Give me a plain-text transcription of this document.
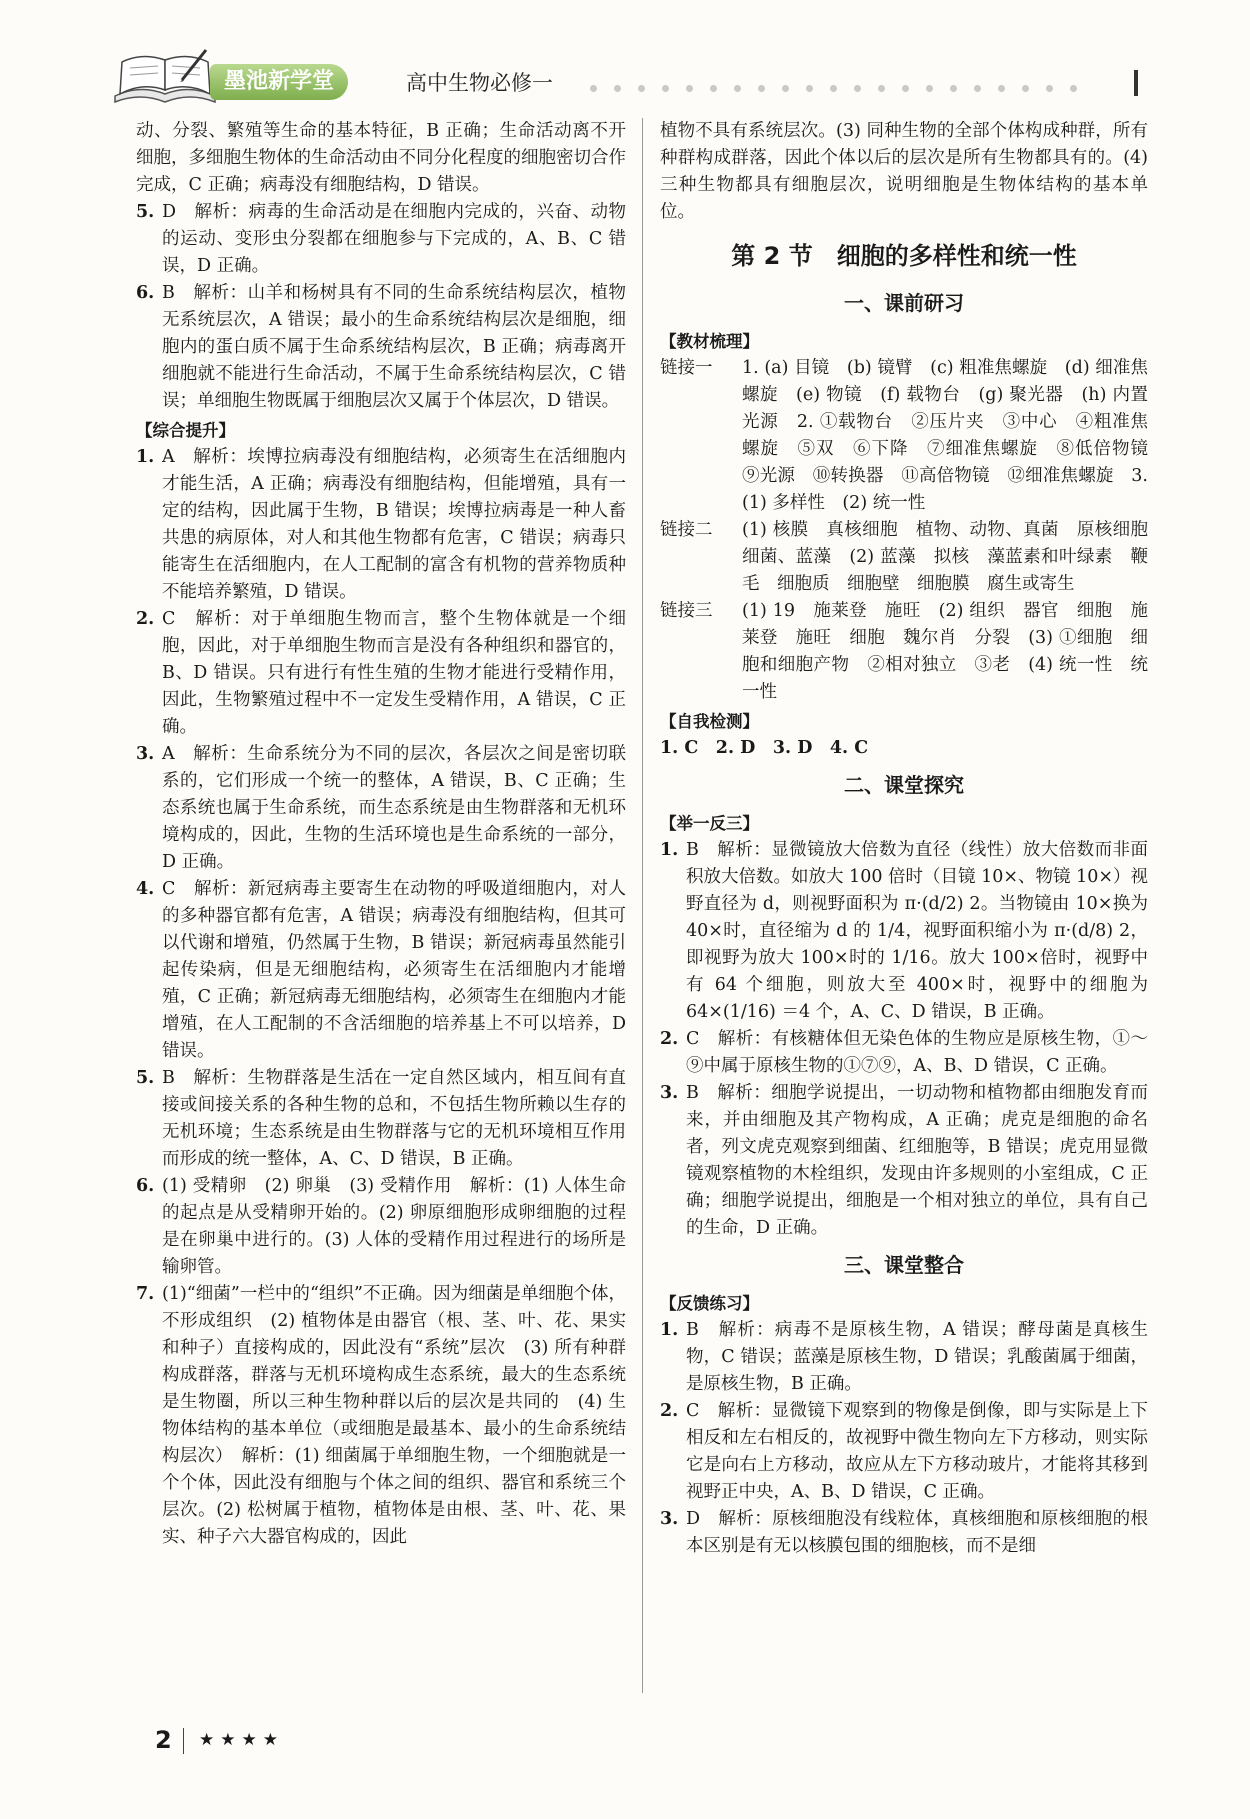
墨池新学堂	高中生物必修一

动、分裂、繁殖等生命的基本特征，B 正确；生命活动离不开细胞，多细胞生物体的生命活动由不同分化程度的细胞密切合作完成，C 正确；病毒没有细胞结构，D 错误。

5. D　解析：病毒的生命活动是在细胞内完成的，兴奋、动物的运动、变形虫分裂都在细胞参与下完成的，A、B、C 错误，D 正确。
6. B　解析：山羊和杨树具有不同的生命系统结构层次，植物无系统层次，A 错误；最小的生命系统结构层次是细胞，细胞内的蛋白质不属于生命系统结构层次，B 正确；病毒离开细胞就不能进行生命活动，不属于生命系统结构层次，C 错误；单细胞生物既属于细胞层次又属于个体层次，D 错误。

【综合提升】

1. A　解析：埃博拉病毒没有细胞结构，必须寄生在活细胞内才能生活，A 正确；病毒没有细胞结构，但能增殖，具有一定的结构，因此属于生物，B 错误；埃博拉病毒是一种人畜共患的病原体，对人和其他生物都有危害，C 错误；病毒只能寄生在活细胞内，在人工配制的富含有机物的营养物质种不能培养繁殖，D 错误。
2. C　解析：对于单细胞生物而言，整个生物体就是一个细胞，因此，对于单细胞生物而言是没有各种组织和器官的，B、D 错误。只有进行有性生殖的生物才能进行受精作用，因此，生物繁殖过程中不一定发生受精作用，A 错误，C 正确。
3. A　解析：生命系统分为不同的层次，各层次之间是密切联系的，它们形成一个统一的整体，A 错误，B、C 正确；生态系统也属于生命系统，而生态系统是由生物群落和无机环境构成的，因此，生物的生活环境也是生命系统的一部分，D 正确。
4. C　解析：新冠病毒主要寄生在动物的呼吸道细胞内，对人的多种器官都有危害，A 错误；病毒没有细胞结构，但其可以代谢和增殖，仍然属于生物，B 错误；新冠病毒虽然能引起传染病，但是无细胞结构，必须寄生在活细胞内才能增殖，C 正确；新冠病毒无细胞结构，必须寄生在细胞内才能增殖，在人工配制的不含活细胞的培养基上不可以培养，D 错误。
5. B　解析：生物群落是生活在一定自然区域内，相互间有直接或间接关系的各种生物的总和，不包括生物所赖以生存的无机环境；生态系统是由生物群落与它的无机环境相互作用而形成的统一整体，A、C、D 错误，B 正确。
6. (1) 受精卵　(2) 卵巢　(3) 受精作用　解析：(1) 人体生命的起点是从受精卵开始的。(2) 卵原细胞形成卵细胞的过程是在卵巢中进行的。(3) 人体的受精作用过程进行的场所是输卵管。
7. (1)“细菌”一栏中的“组织”不正确。因为细菌是单细胞个体，不形成组织　(2) 植物体是由器官（根、茎、叶、花、果实和种子）直接构成的，因此没有“系统”层次　(3) 所有种群构成群落，群落与无机环境构成生态系统，最大的生态系统是生物圈，所以三种生物种群以后的层次是共同的　(4) 生物体结构的基本单位（或细胞是最基本、最小的生命系统结构层次）　解析：(1) 细菌属于单细胞生物，一个细胞就是一个个体，因此没有细胞与个体之间的组织、器官和系统三个层次。(2) 松树属于植物，植物体是由根、茎、叶、花、果实、种子六大器官构成的，因此

植物不具有系统层次。(3) 同种生物的全部个体构成种群，所有种群构成群落，因此个体以后的层次是所有生物都具有的。(4) 三种生物都具有细胞层次，说明细胞是生物体结构的基本单位。

第 2 节　细胞的多样性和统一性
一、课前研习

【教材梳理】

链接一 1. (a) 目镜　(b) 镜臂　(c) 粗准焦螺旋　(d) 细准焦螺旋　(e) 物镜　(f) 载物台　(g) 聚光器　(h) 内置光源　2. ①载物台　②压片夹　③中心　④粗准焦螺旋　⑤双　⑥下降　⑦细准焦螺旋　⑧低倍物镜　⑨光源　⑩转换器　⑪高倍物镜　⑫细准焦螺旋　3. (1) 多样性　(2) 统一性
链接二 (1) 核膜　真核细胞　植物、动物、真菌　原核细胞　细菌、蓝藻　(2) 蓝藻　拟核　藻蓝素和叶绿素　鞭毛　细胞质　细胞壁　细胞膜　腐生或寄生
链接三 (1) 19　施莱登　施旺　(2) 组织　器官　细胞　施莱登　施旺　细胞　魏尔肖　分裂　(3) ①细胞　细胞和细胞产物　②相对独立　③老　(4) 统一性　统一性

【自我检测】

1. C　2. D　3. D　4. C

二、课堂探究

【举一反三】

1. B　解析：显微镜放大倍数为直径（线性）放大倍数而非面积放大倍数。如放大 100 倍时（目镜 10×、物镜 10×）视野直径为 d，则视野面积为 π·(d/2) 2。当物镜由 10×换为 40×时，直径缩为 d 的 1/4，视野面积缩小为 π·(d/8) 2，即视野为放大 100×时的 1/16。放大 100×倍时，视野中有 64 个细胞，则放大至 400×时，视野中的细胞为 64×(1/16) ＝4 个，A、C、D 错误，B 正确。
2. C　解析：有核糖体但无染色体的生物应是原核生物，①～⑨中属于原核生物的①⑦⑨，A、B、D 错误，C 正确。
3. B　解析：细胞学说提出，一切动物和植物都由细胞发育而来，并由细胞及其产物构成，A 正确；虎克是细胞的命名者，列文虎克观察到细菌、红细胞等，B 错误；虎克用显微镜观察植物的木栓组织，发现由许多规则的小室组成，C 正确；细胞学说提出，细胞是一个相对独立的单位，具有自己的生命，D 正确。
三、课堂整合

【反馈练习】

1. B　解析：病毒不是原核生物，A 错误；酵母菌是真核生物，C 错误；蓝藻是原核生物，D 错误；乳酸菌属于细菌，是原核生物，B 正确。
2. C　解析：显微镜下观察到的物像是倒像，即与实际是上下相反和左右相反的，故视野中微生物向左下方移动，则实际它是向右上方移动，故应从左下方移动玻片，才能将其移到视野正中央，A、B、D 错误，C 正确。
3. D　解析：原核细胞没有线粒体，真核细胞和原核细胞的根本区别是有无以核膜包围的细胞核，而不是细
2 ★★★★
